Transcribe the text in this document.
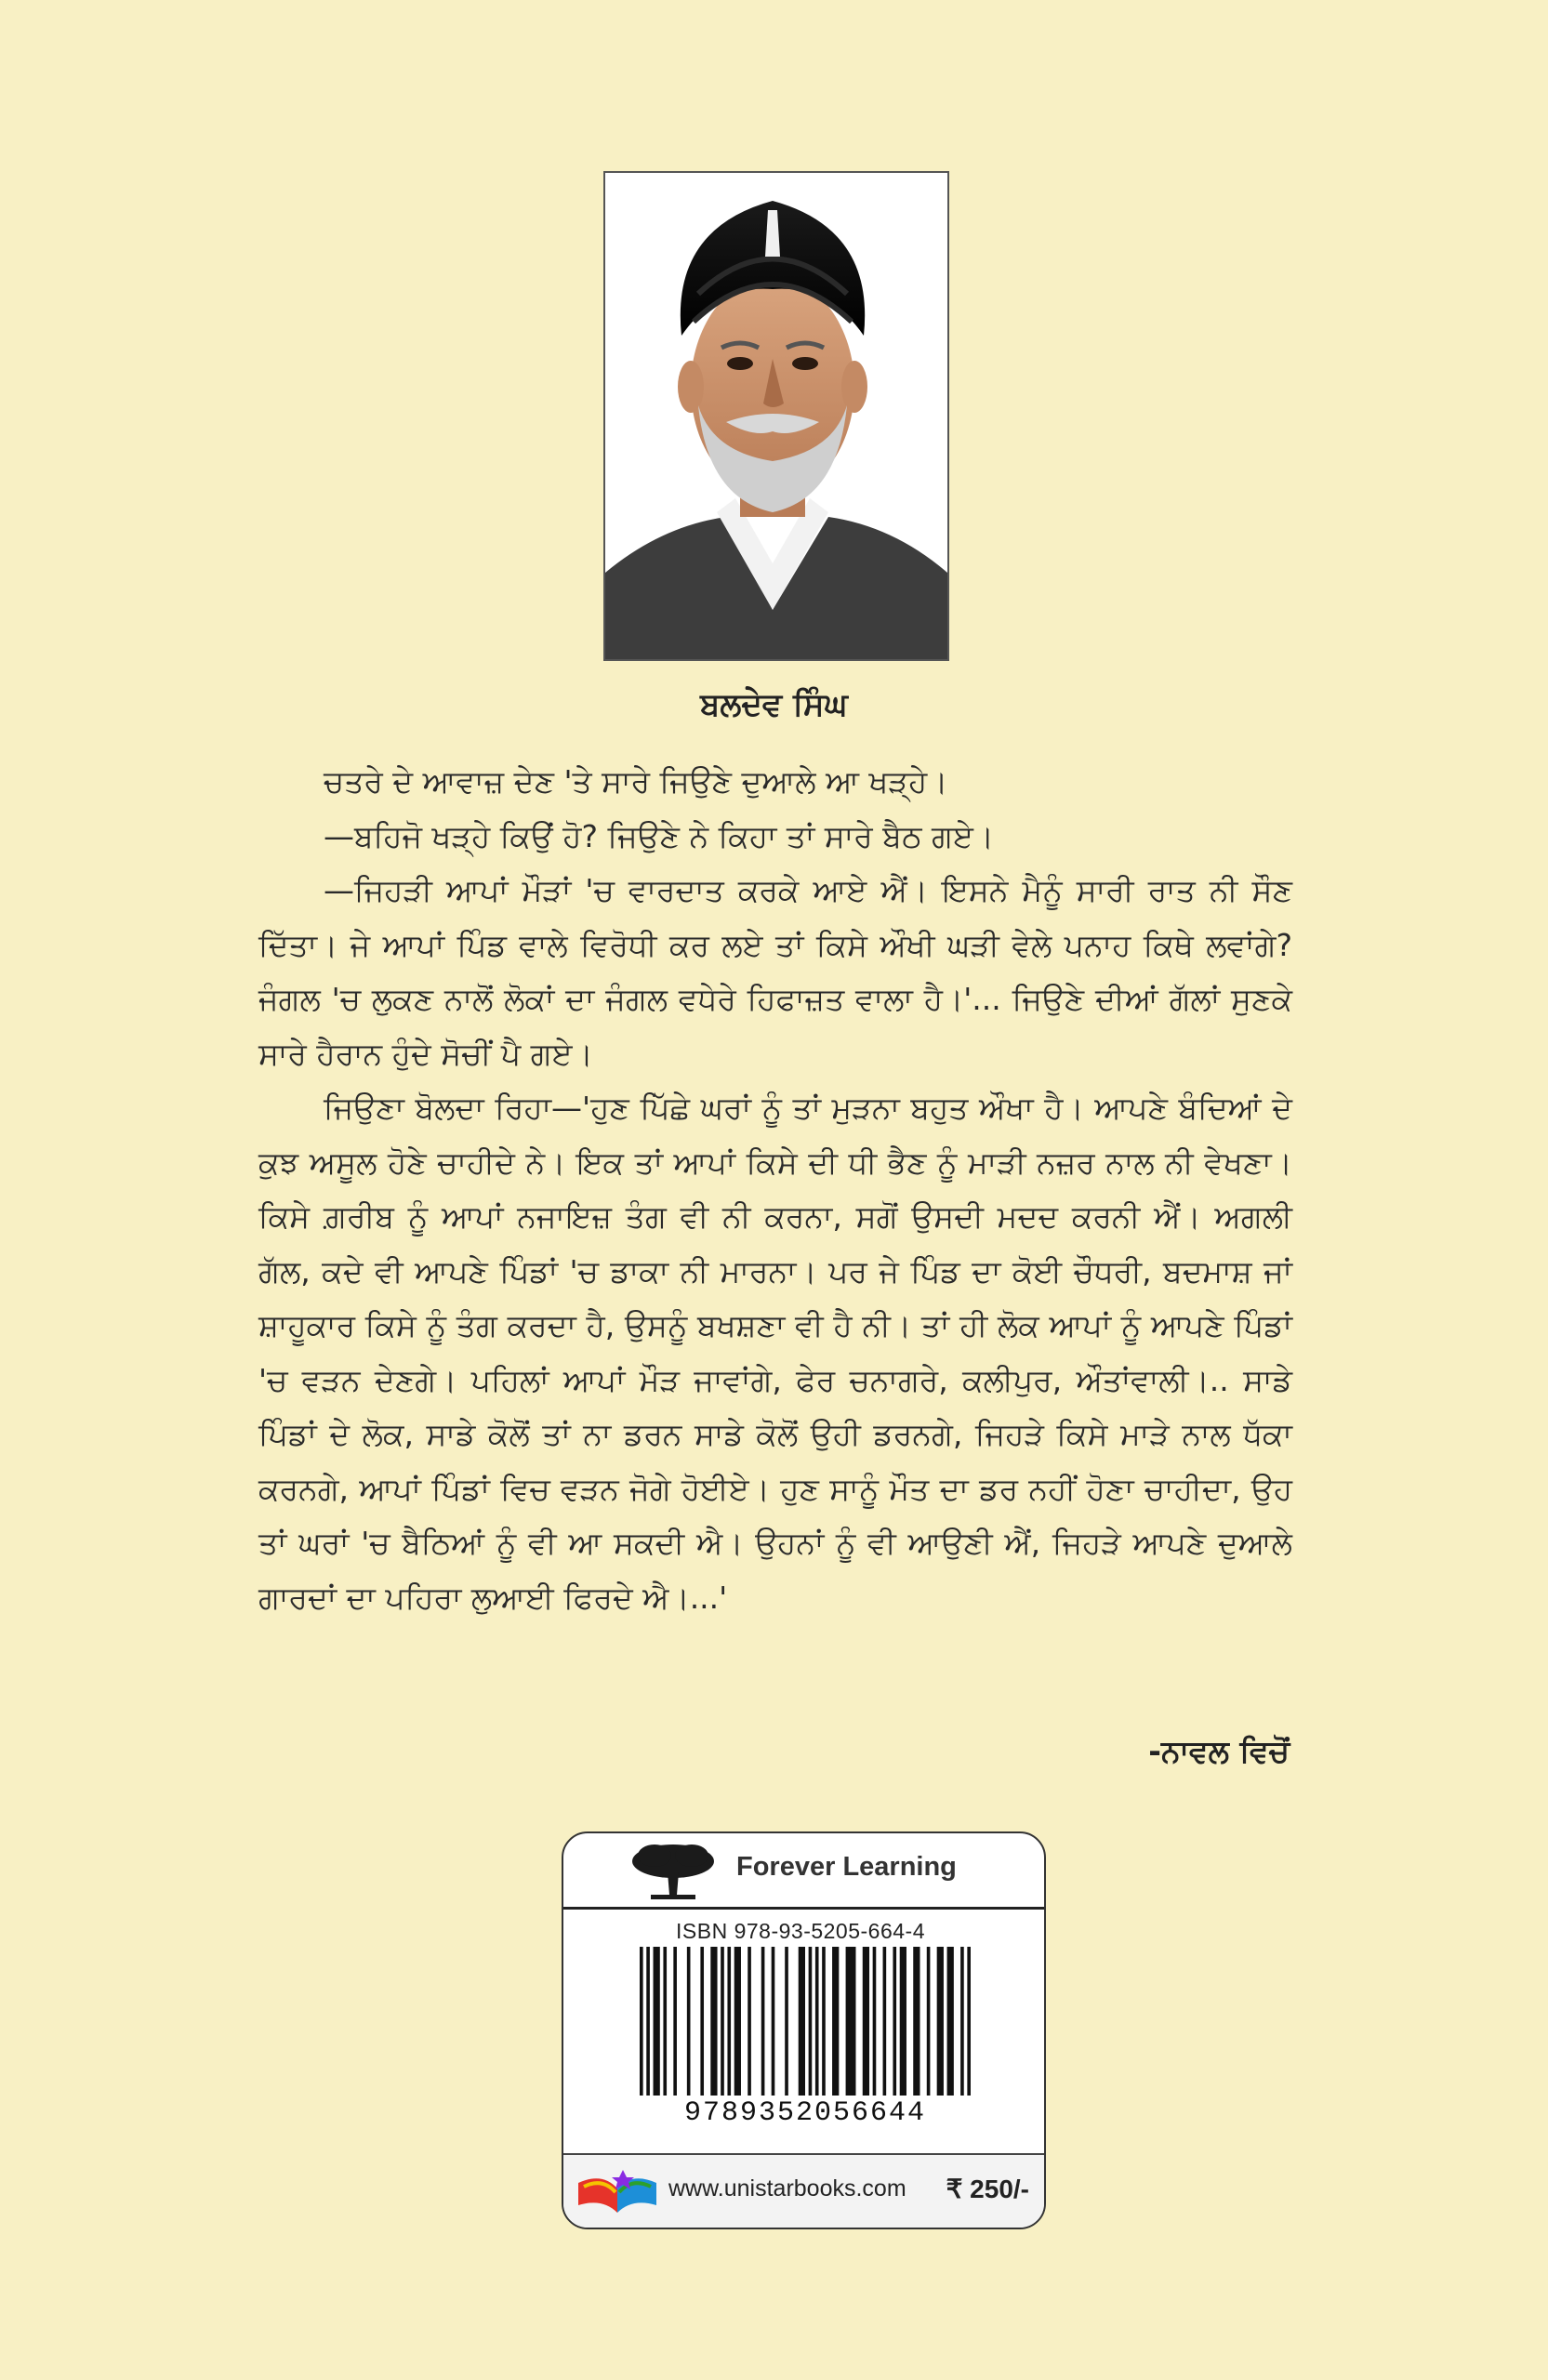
ਬਲਦੇਵ ਸਿੰਘ

ਚਤਰੇ ਦੇ ਆਵਾਜ਼ ਦੇਣ 'ਤੇ ਸਾਰੇ ਜਿਉਣੇ ਦੁਆਲੇ ਆ ਖੜ੍ਹੇ।

—ਬਹਿਜੋ ਖੜ੍ਹੇ ਕਿਉਂ ਹੋ? ਜਿਉਣੇ ਨੇ ਕਿਹਾ ਤਾਂ ਸਾਰੇ ਬੈਠ ਗਏ।

—ਜਿਹੜੀ ਆਪਾਂ ਮੌੜਾਂ 'ਚ ਵਾਰਦਾਤ ਕਰਕੇ ਆਏ ਐਂ। ਇਸਨੇ ਮੈਨੂੰ ਸਾਰੀ ਰਾਤ ਨੀ ਸੌਣ ਦਿੱਤਾ। ਜੇ ਆਪਾਂ ਪਿੰਡ ਵਾਲੇ ਵਿਰੋਧੀ ਕਰ ਲਏ ਤਾਂ ਕਿਸੇ ਔਖੀ ਘੜੀ ਵੇਲੇ ਪਨਾਹ ਕਿਥੇ ਲਵਾਂਗੇ? ਜੰਗਲ 'ਚ ਲੁਕਣ ਨਾਲੋਂ ਲੋਕਾਂ ਦਾ ਜੰਗਲ ਵਧੇਰੇ ਹਿਫਾਜ਼ਤ ਵਾਲਾ ਹੈ।'... ਜਿਉਣੇ ਦੀਆਂ ਗੱਲਾਂ ਸੁਣਕੇ ਸਾਰੇ ਹੈਰਾਨ ਹੁੰਦੇ ਸੋਚੀਂ ਪੈ ਗਏ।

ਜਿਉਣਾ ਬੋਲਦਾ ਰਿਹਾ—'ਹੁਣ ਪਿੱਛੇ ਘਰਾਂ ਨੂੰ ਤਾਂ ਮੁੜਨਾ ਬਹੁਤ ਔਖਾ ਹੈ। ਆਪਣੇ ਬੰਦਿਆਂ ਦੇ ਕੁਝ ਅਸੂਲ ਹੋਣੇ ਚਾਹੀਦੇ ਨੇ। ਇਕ ਤਾਂ ਆਪਾਂ ਕਿਸੇ ਦੀ ਧੀ ਭੈਣ ਨੂੰ ਮਾੜੀ ਨਜ਼ਰ ਨਾਲ ਨੀ ਵੇਖਣਾ। ਕਿਸੇ ਗ਼ਰੀਬ ਨੂੰ ਆਪਾਂ ਨਜਾਇਜ਼ ਤੰਗ ਵੀ ਨੀ ਕਰਨਾ, ਸਗੋਂ ਉਸਦੀ ਮਦਦ ਕਰਨੀ ਐਂ। ਅਗਲੀ ਗੱਲ, ਕਦੇ ਵੀ ਆਪਣੇ ਪਿੰਡਾਂ 'ਚ ਡਾਕਾ ਨੀ ਮਾਰਨਾ। ਪਰ ਜੇ ਪਿੰਡ ਦਾ ਕੋਈ ਚੌਧਰੀ, ਬਦਮਾਸ਼ ਜਾਂ ਸ਼ਾਹੂਕਾਰ ਕਿਸੇ ਨੂੰ ਤੰਗ ਕਰਦਾ ਹੈ, ਉਸਨੂੰ ਬਖਸ਼ਣਾ ਵੀ ਹੈ ਨੀ। ਤਾਂ ਹੀ ਲੋਕ ਆਪਾਂ ਨੂੰ ਆਪਣੇ ਪਿੰਡਾਂ 'ਚ ਵੜਨ ਦੇਣਗੇ। ਪਹਿਲਾਂ ਆਪਾਂ ਮੌੜ ਜਾਵਾਂਗੇ, ਫੇਰ ਚਨਾਗਰੇ, ਕਲੀਪੁਰ, ਔਤਾਂਵਾਲੀ।.. ਸਾਡੇ ਪਿੰਡਾਂ ਦੇ ਲੋਕ, ਸਾਡੇ ਕੋਲੋਂ ਤਾਂ ਨਾ ਡਰਨ ਸਾਡੇ ਕੋਲੋਂ ਉਹੀ ਡਰਨਗੇ, ਜਿਹੜੇ ਕਿਸੇ ਮਾੜੇ ਨਾਲ ਧੱਕਾ ਕਰਨਗੇ, ਆਪਾਂ ਪਿੰਡਾਂ ਵਿਚ ਵੜਨ ਜੋਗੇ ਹੋਈਏ। ਹੁਣ ਸਾਨੂੰ ਮੌਤ ਦਾ ਡਰ ਨਹੀਂ ਹੋਣਾ ਚਾਹੀਦਾ, ਉਹ ਤਾਂ ਘਰਾਂ 'ਚ ਬੈਠਿਆਂ ਨੂੰ ਵੀ ਆ ਸਕਦੀ ਐ। ਉਹਨਾਂ ਨੂੰ ਵੀ ਆਉਣੀ ਐਂ, ਜਿਹੜੇ ਆਪਣੇ ਦੁਆਲੇ ਗਾਰਦਾਂ ਦਾ ਪਹਿਰਾ ਲੁਆਈ ਫਿਰਦੇ ਐ।...'

-ਨਾਵਲ ਵਿਚੋਂ
Forever Learning
ISBN 978-93-5205-664-4
9789352056644
www.unistarbooks.com ₹ 250/-
